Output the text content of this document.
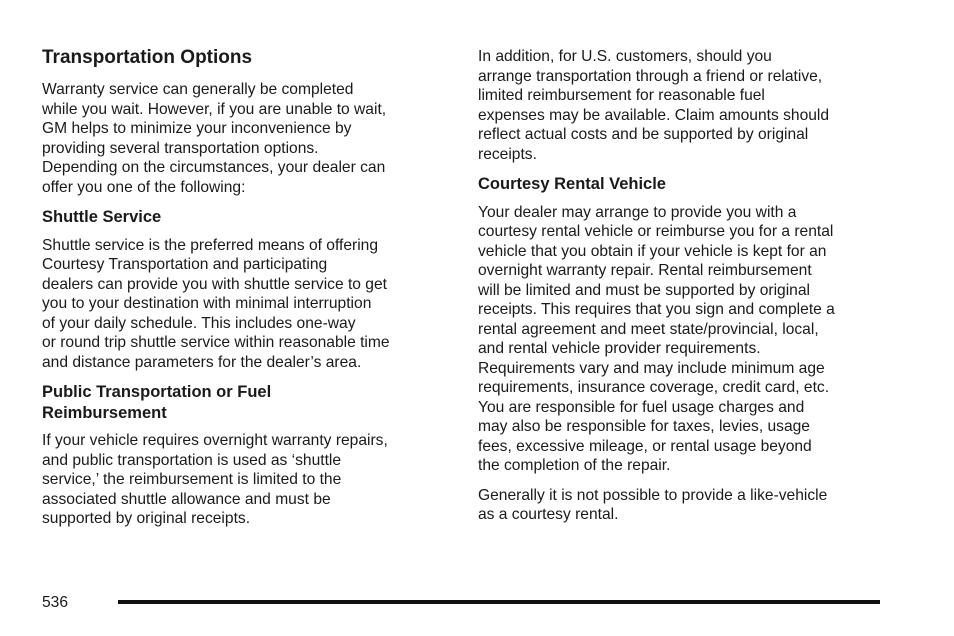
Transportation Options

Warranty service can generally be completed
while you wait. However, if you are unable to wait,
GM helps to minimize your inconvenience by
providing several transportation options.
Depending on the circumstances, your dealer can
offer you one of the following:

Shuttle Service

Shuttle service is the preferred means of offering
Courtesy Transportation and participating
dealers can provide you with shuttle service to get
you to your destination with minimal interruption
of your daily schedule. This includes one-way
or round trip shuttle service within reasonable time
and distance parameters for the dealer’s area.

Public Transportation or Fuel
Reimbursement

If your vehicle requires overnight warranty repairs,
and public transportation is used as ‘shuttle
service,’ the reimbursement is limited to the
associated shuttle allowance and must be
supported by original receipts.

In addition, for U.S. customers, should you
arrange transportation through a friend or relative,
limited reimbursement for reasonable fuel
expenses may be available. Claim amounts should
reflect actual costs and be supported by original
receipts.

Courtesy Rental Vehicle

Your dealer may arrange to provide you with a
courtesy rental vehicle or reimburse you for a rental
vehicle that you obtain if your vehicle is kept for an
overnight warranty repair. Rental reimbursement
will be limited and must be supported by original
receipts. This requires that you sign and complete a
rental agreement and meet state/provincial, local,
and rental vehicle provider requirements.
Requirements vary and may include minimum age
requirements, insurance coverage, credit card, etc.
You are responsible for fuel usage charges and
may also be responsible for taxes, levies, usage
fees, excessive mileage, or rental usage beyond
the completion of the repair.

Generally it is not possible to provide a like-vehicle
as a courtesy rental.

536
